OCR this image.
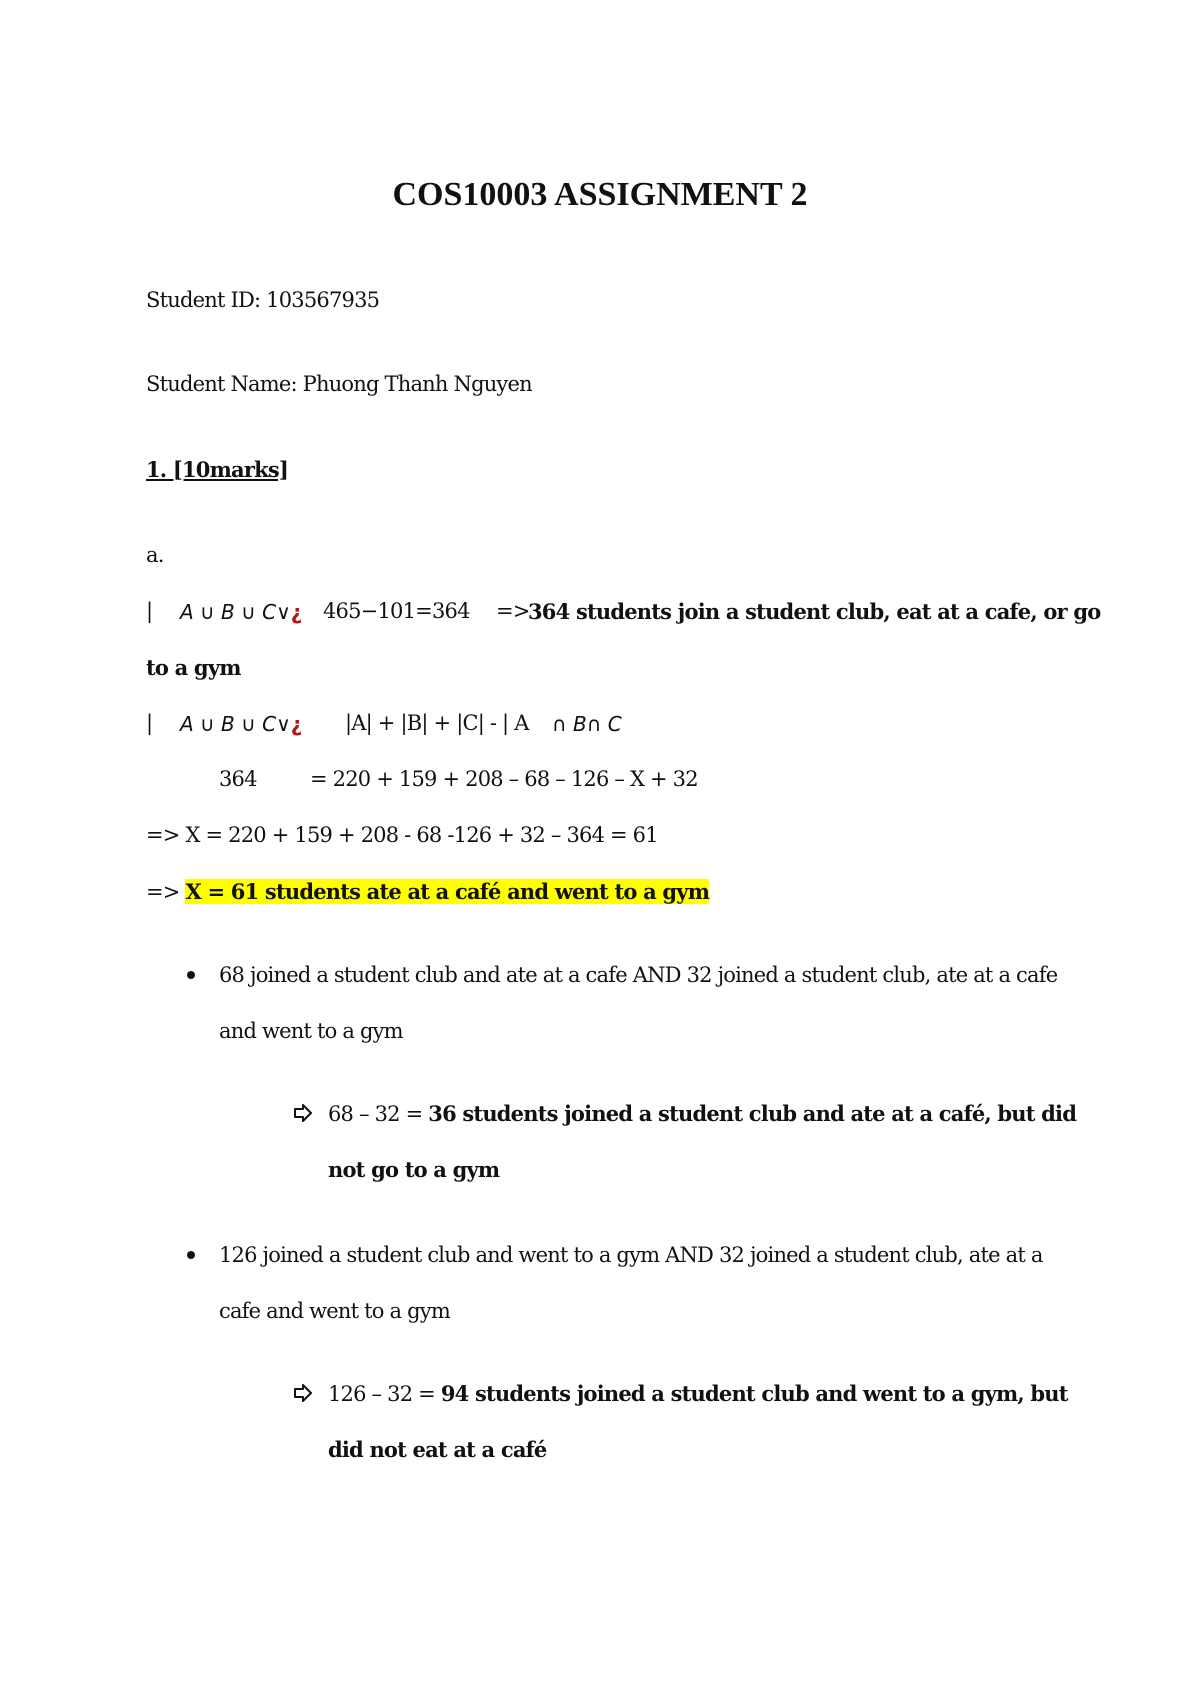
COS10003 ASSIGNMENT 2
Student ID: 103567935
Student Name: Phuong Thanh Nguyen
1. [10marks]
a.
| A ∪ B ∪ C∨¿ 465−101=364 =>
364 students join a student club, eat at a cafe, or go
to a gym
| A ∪ B ∪ C∨¿ |A| + |B| + |C| - | A ∩ B∩ C
364	= 220 + 159 + 208 – 68 – 126 – X + 32
=> X = 220 + 159 + 208 - 68 -126 + 32 – 364 = 61
=> X = 61 students ate at a café and went to a gym
68 joined a student club and ate at a cafe AND 32 joined a student club, ate at a cafe
and went to a gym
68 – 32 = 36 students joined a student club and ate at a café, but did
not go to a gym
126 joined a student club and went to a gym AND 32 joined a student club, ate at a
cafe and went to a gym
126 – 32 = 94 students joined a student club and went to a gym, but
did not eat at a café
